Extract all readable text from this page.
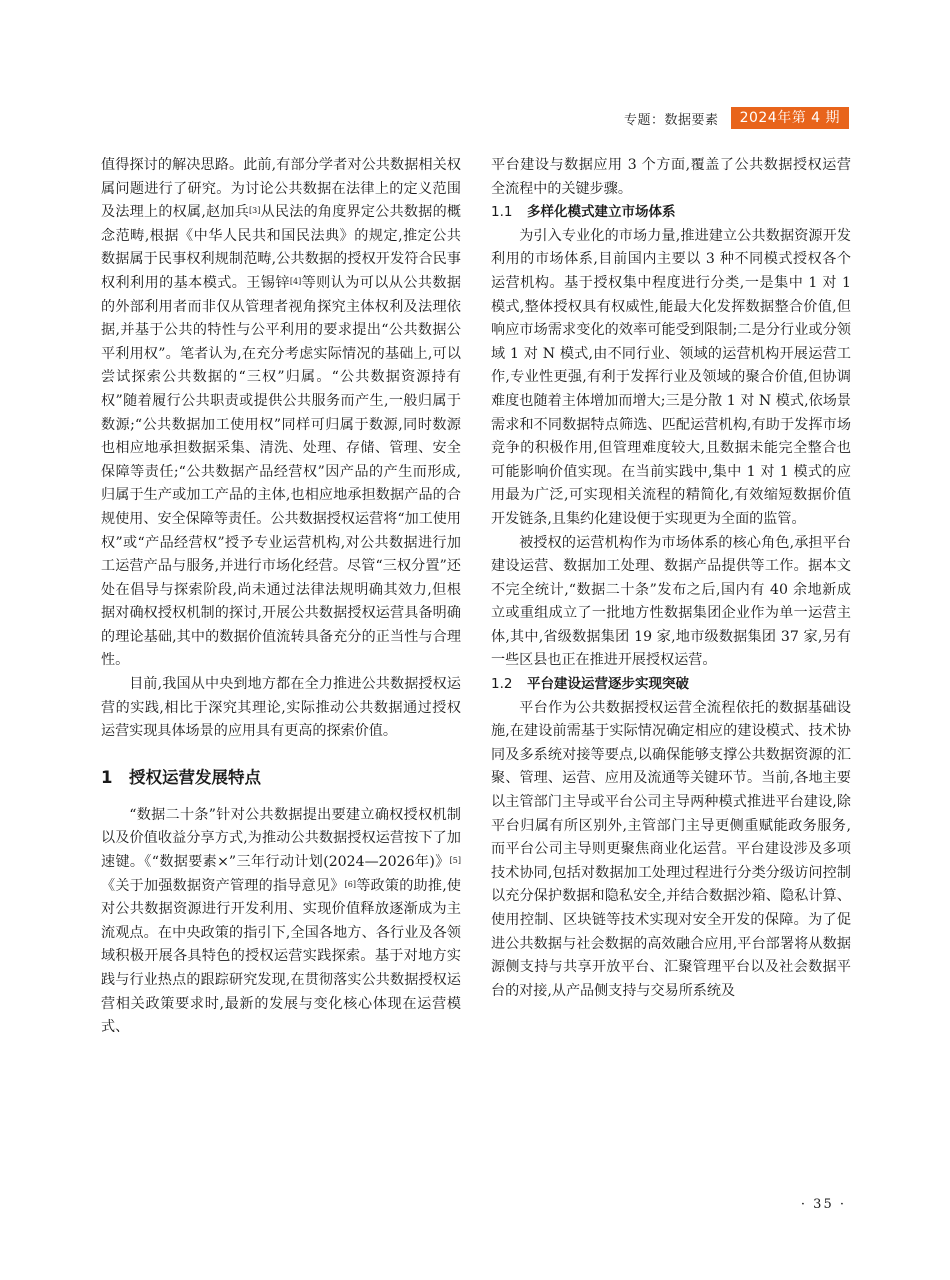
专题：数据要素	2024年第 4 期

值得探讨的解决思路。此前,有部分学者对公共数据相关权属问题进行了研究。为讨论公共数据在法律上的定义范围及法理上的权属,赵加兵[3]从民法的角度界定公共数据的概念范畴,根据《中华人民共和国民法典》的规定,推定公共数据属于民事权利规制范畴,公共数据的授权开发符合民事权利利用的基本模式。王锡锌[4]等则认为可以从公共数据的外部利用者而非仅从管理者视角探究主体权利及法理依据,并基于公共的特性与公平利用的要求提出“公共数据公平利用权”。笔者认为,在充分考虑实际情况的基础上,可以尝试探索公共数据的“三权”归属。“公共数据资源持有权”随着履行公共职责或提供公共服务而产生,一般归属于数源;“公共数据加工使用权”同样可归属于数源,同时数源也相应地承担数据采集、清洗、处理、存储、管理、安全保障等责任;“公共数据产品经营权”因产品的产生而形成,归属于生产或加工产品的主体,也相应地承担数据产品的合规使用、安全保障等责任。公共数据授权运营将“加工使用权”或“产品经营权”授予专业运营机构,对公共数据进行加工运营产品与服务,并进行市场化经营。尽管“三权分置”还处在倡导与探索阶段,尚未通过法律法规明确其效力,但根据对确权授权机制的探讨,开展公共数据授权运营具备明确的理论基础,其中的数据价值流转具备充分的正当性与合理性。

目前,我国从中央到地方都在全力推进公共数据授权运营的实践,相比于深究其理论,实际推动公共数据通过授权运营实现具体场景的应用具有更高的探索价值。

1 授权运营发展特点

“数据二十条”针对公共数据提出要建立确权授权机制以及价值收益分享方式,为推动公共数据授权运营按下了加速键。《“数据要素×”三年行动计划(2024—2026年)》[5]《关于加强数据资产管理的指导意见》[6]等政策的助推,使对公共数据资源进行开发利用、实现价值释放逐渐成为主流观点。在中央政策的指引下,全国各地方、各行业及各领域积极开展各具特色的授权运营实践探索。基于对地方实践与行业热点的跟踪研究发现,在贯彻落实公共数据授权运营相关政策要求时,最新的发展与变化核心体现在运营模式、

平台建设与数据应用 3 个方面,覆盖了公共数据授权运营全流程中的关键步骤。

1.1 多样化模式建立市场体系

为引入专业化的市场力量,推进建立公共数据资源开发利用的市场体系,目前国内主要以 3 种不同模式授权各个运营机构。基于授权集中程度进行分类,一是集中 1 对 1 模式,整体授权具有权威性,能最大化发挥数据整合价值,但响应市场需求变化的效率可能受到限制;二是分行业或分领域 1 对 N 模式,由不同行业、领域的运营机构开展运营工作,专业性更强,有利于发挥行业及领域的聚合价值,但协调难度也随着主体增加而增大;三是分散 1 对 N 模式,依场景需求和不同数据特点筛选、匹配运营机构,有助于发挥市场竞争的积极作用,但管理难度较大,且数据未能完全整合也可能影响价值实现。在当前实践中,集中 1 对 1 模式的应用最为广泛,可实现相关流程的精简化,有效缩短数据价值开发链条,且集约化建设便于实现更为全面的监管。

被授权的运营机构作为市场体系的核心角色,承担平台建设运营、数据加工处理、数据产品提供等工作。据本文不完全统计,“数据二十条”发布之后,国内有 40 余地新成立或重组成立了一批地方性数据集团企业作为单一运营主体,其中,省级数据集团 19 家,地市级数据集团 37 家,另有一些区县也正在推进开展授权运营。

1.2 平台建设运营逐步实现突破

平台作为公共数据授权运营全流程依托的数据基础设施,在建设前需基于实际情况确定相应的建设模式、技术协同及多系统对接等要点,以确保能够支撑公共数据资源的汇聚、管理、运营、应用及流通等关键环节。当前,各地主要以主管部门主导或平台公司主导两种模式推进平台建设,除平台归属有所区别外,主管部门主导更侧重赋能政务服务,而平台公司主导则更聚焦商业化运营。平台建设涉及多项技术协同,包括对数据加工处理过程进行分类分级访问控制以充分保护数据和隐私安全,并结合数据沙箱、隐私计算、使用控制、区块链等技术实现对安全开发的保障。为了促进公共数据与社会数据的高效融合应用,平台部署将从数据源侧支持与共享开放平台、汇聚管理平台以及社会数据平台的对接,从产品侧支持与交易所系统及

· 35 ·
